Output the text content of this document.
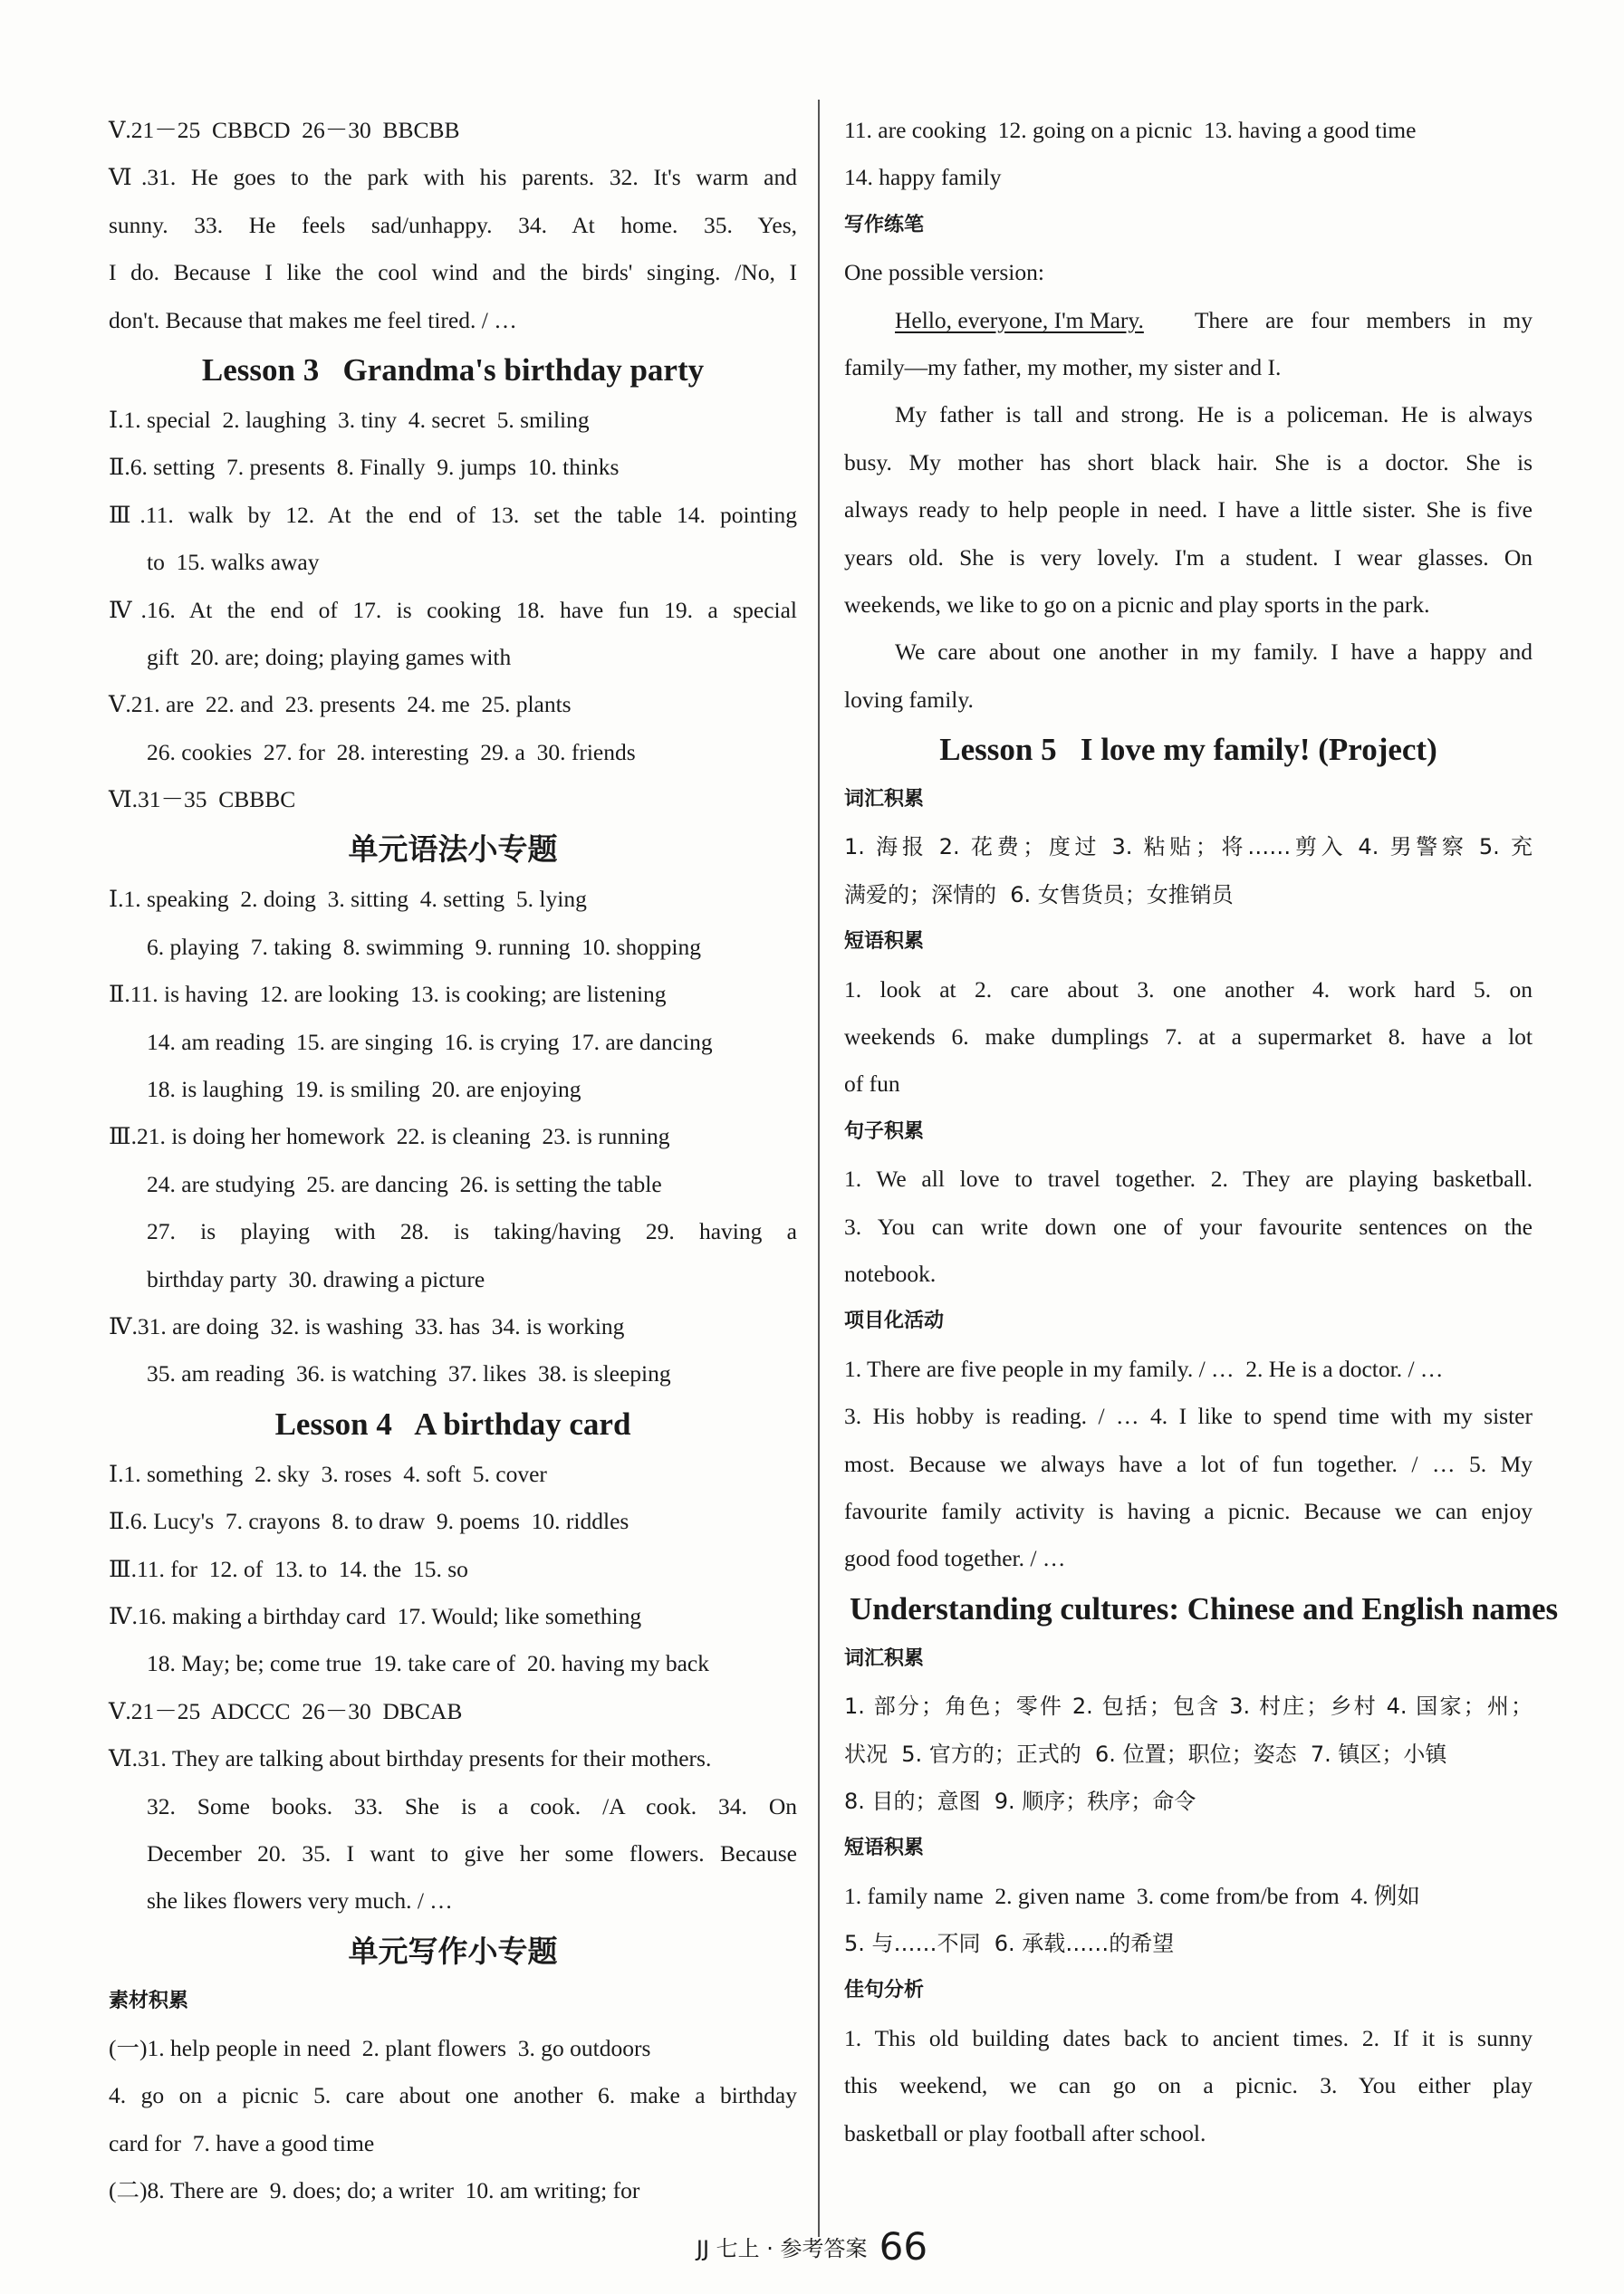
Ⅴ.21－25  CBBCD  26－30  BBCBB
Ⅵ.31. He goes to the park with his parents. 32. It's warm and
sunny. 33. He feels sad/unhappy. 34. At home. 35. Yes,
I do. Because I like the cool wind and the birds' singing. /No, I
don't. Because that makes me feel tired. / …
Lesson 3   Grandma's birthday party
Ⅰ.1. special  2. laughing  3. tiny  4. secret  5. smiling
Ⅱ.6. setting  7. presents  8. Finally  9. jumps  10. thinks
Ⅲ.11. walk by 12. At the end of 13. set the table 14. pointing
to  15. walks away
Ⅳ.16. At the end of 17. is cooking 18. have fun 19. a special
gift  20. are; doing; playing games with
Ⅴ.21. are  22. and  23. presents  24. me  25. plants
26. cookies  27. for  28. interesting  29. a  30. friends
Ⅵ.31－35  CBBBC
单元语法小专题
Ⅰ.1. speaking  2. doing  3. sitting  4. setting  5. lying
6. playing  7. taking  8. swimming  9. running  10. shopping
Ⅱ.11. is having  12. are looking  13. is cooking; are listening
14. am reading  15. are singing  16. is crying  17. are dancing
18. is laughing  19. is smiling  20. are enjoying
Ⅲ.21. is doing her homework  22. is cleaning  23. is running
24. are studying  25. are dancing  26. is setting the table
27. is playing with 28. is taking/having 29. having a
birthday party  30. drawing a picture
Ⅳ.31. are doing  32. is washing  33. has  34. is working
35. am reading  36. is watching  37. likes  38. is sleeping
Lesson 4   A birthday card
Ⅰ.1. something  2. sky  3. roses  4. soft  5. cover
Ⅱ.6. Lucy's  7. crayons  8. to draw  9. poems  10. riddles
Ⅲ.11. for  12. of  13. to  14. the  15. so
Ⅳ.16. making a birthday card  17. Would; like something
18. May; be; come true  19. take care of  20. having my back
Ⅴ.21－25  ADCCC  26－30  DBCAB
Ⅵ.31. They are talking about birthday presents for their mothers.
32. Some books. 33. She is a cook. /A cook. 34. On
December 20. 35. I want to give her some flowers. Because
she likes flowers very much. / …
单元写作小专题
素材积累
(一)1. help people in need  2. plant flowers  3. go outdoors
4. go on a picnic 5. care about one another 6. make a birthday
card for  7. have a good time
(二)8. There are  9. does; do; a writer  10. am writing; for
11. are cooking  12. going on a picnic  13. having a good time
14. happy family
写作练笔
One possible version:
Hello, everyone, I'm Mary.	There are four members in my
family—my father, my mother, my sister and I.
My father is tall and strong. He is a policeman. He is always
busy. My mother has short black hair. She is a doctor. She is
always ready to help people in need. I have a little sister. She is five
years old. She is very lovely. I'm a student. I wear glasses. On
weekends, we like to go on a picnic and play sports in the park.
We care about one another in my family. I have a happy and
loving family.
Lesson 5   I love my family! (Project)
词汇积累
1. 海报 2. 花费；度过 3. 粘贴；将……剪入 4. 男警察 5. 充
满爱的；深情的  6. 女售货员；女推销员
短语积累
1. look at 2. care about 3. one another 4. work hard 5. on
weekends 6. make dumplings 7. at a supermarket 8. have a lot
of fun
句子积累
1. We all love to travel together. 2. They are playing basketball.
3. You can write down one of your favourite sentences on the
notebook.
项目化活动
1. There are five people in my family. / …  2. He is a doctor. / …
3. His hobby is reading. / … 4. I like to spend time with my sister
most. Because we always have a lot of fun together. / … 5. My
favourite family activity is having a picnic. Because we can enjoy
good food together. / …
Understanding cultures: Chinese and English names
词汇积累
1. 部分；角色；零件 2. 包括；包含 3. 村庄；乡村 4. 国家；州；
状况  5. 官方的；正式的  6. 位置；职位；姿态  7. 镇区；小镇
8. 目的；意图  9. 顺序；秩序；命令
短语积累
1. family name  2. given name  3. come from/be from  4. 例如
5. 与……不同  6. 承载……的希望
佳句分析
1. This old building dates back to ancient times. 2. If it is sunny
this weekend, we can go on a picnic. 3. You either play
basketball or play football after school.
JJ 七上 · 参考答案 66
